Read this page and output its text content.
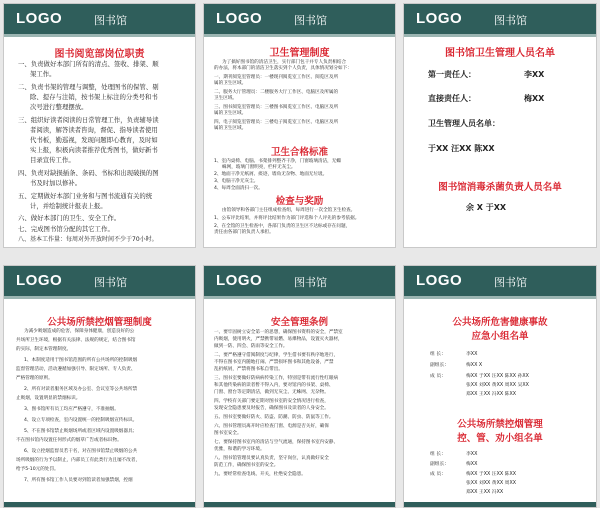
LOGO	图书馆
图书阅览部岗位职责
一、负责做好本部门所有的清点、签收、排架、顺
架工作。
二、负责书架的管理与调整，处理图书的保管、剔
除、提存与注销，按书架上标注的分类号和书
次号进行整理摆放。
三、组织好读者阅读的日常管理工作，负责辅导读
者阅读，解答读者咨询，督促、指导读者使用
代书板，勤巡视，发现问题即心教育，及时如
实上报，积极向读者推荐优秀图书，做好新书
目录宣传工作。
四、负责对缺损插条、条码、书标和出现破损的图
书及时加以修补。
五、定期做好本部门业务和与图书流通有关的统
计，并绘制统计报表上报。
六、做好本部门的卫生、安全工作。
七、完成图书馆分配的其它工作。
八、基本工作量：每周对外开放时间不少于70小时。
LOGO	图书馆
卫生管理制度
为了搞好图书馆的清洁卫生，实行部门包干并专人负责相结合
的办法，将本部门的清洁卫生落实到个人负责，具体情况划分如下：
一、期刊阅览室管理员：一楼现刊阅览室工作区、阅览区及所
属的卫生区域。
二、服务大厅管理员：二楼服务大厅工作区、电脑区及所属的
卫生区域。
三、图书阅览室管理员：三楼图书阅览室工作区、电脑区及所
属的卫生区域。
四、电子阅览室管理员：三楼电子阅览室工作区、电脑区及所
属的卫生区域。
卫生合格标准
1、室内桌椅、电脑、书架排列整齐干净，门窗玻璃清洁，无蜘
蛛网，玻璃门窗明亮，栏杆无灰尘。
2、地面干净无纸屑、痰迹，墙角无杂物、地面无垃圾。
3、电脑干净无灰尘。
4、每周全面清扫一次。
检查与奖励
由馆领导和各部门主任组成检查组，每周进行一次全馆卫生检查。
1、公布评比结果，并将评比结果作为部门评选和个人评先的参考依据。
2、在全馆的卫生检查中，各部门负责的卫生区不达标或存在问题，
责任由各部门的负责人承担。
LOGO	图书馆
图书馆卫生管理人员名单
第一责任人：	李XX
直接责任人：	梅XX
卫生管理人员名单：
于XX 汪XX 陈XX
图书馆消毒杀菌负责人员名单
余 X 于XX
LOGO	图书馆
公共场所禁控烟管理制度
为减少吸烟造成的危害，保障身体健康，创造良好的公
共场所卫生环境，根据有关法律、法规的规定，结合图书馆
的实际，制定本管理制度。
1、本制度适用于图书馆范围的所有公共场所的控制吸烟
监督管理活动，活动遵循加强引导、限定场所、专人负责、
严格管理的原则。
2、所有对读者服务区域及办公室、会议室等公共场所禁
止吸烟，设置明显的禁烟标识。
3、图书馆所有员工均应严格遵守，不准抽烟。
4、设立专项检查，室内设置统一的控制吸烟宣传标识。
5、不在图书馆禁止吸烟场所或者区域内设置吸烟器具；
不在图书馆内设置任何形式的烟草广告或者标识物。
6、设立控烟监督员若干名，对在图书馆禁止吸烟的公共
场所吸烟的行为予以制止，内部员工有此类行为且屡不改者，
给予5-10元的处罚。
7、所有图书馆工作人员要对到馆读者加强禁烟，控烟
LOGO	图书馆
安全管理条例
一、要牢固树立安全第一的思想，确保图书资料的安全，严禁室
内吸烟，使用明火，严禁携带易燃、易爆物品，设置灭火器材，
做到一防、四会、防雨等安全工作。
二、要严格遵守借阅制度与纪律，学生借书要有秩序地进行，
不得在图书室内随地打闹、严禁损坏图书和其他设备，严禁
乱扔纸屑，严禁将图书私自带出。
三、图书室要做好防病病传染工作，特别是带有流行性红眼病
和其他传染病的读者暂不得入内，要对馆内的书架、桌椅、
门窗、窗台等定期清洁，做到无灰尘、无蛛网、无杂物。
四、学校有关部门要定期对图书室的安全情况进行检查，
发现安全隐患要及时报告，确保图书及读者的人身安全。
五、图书室要做好防火、防盗、防潮、防虫、防鼠等工作。
六、图书管理员离开时应检查门窗、电源是否关好，确保
图书室安全。
七、要保持图书室内的清洁与空气流通，保持图书室内安静、
优雅，和谐的学习环境。
八、图书馆管理员要认真负责，坚守岗位，认真做好安全
防范工作，确保图书室的安全。
九、要经常检查电线、开关，杜绝安全隐患。
LOGO	图书馆
公共场所危害健康事故
应急小组名单
组 长：	李XX
副组长：	梅XX X
成 员：	梅XX 于XX 汪XX 陈XX 孙XX
张XX 刘XX 黄XX 周XX 吴XX
郑XX 王XX 冯XX 陈XX
公共场所禁控烟管理
控、管、劝小组名单
组 长：	李XX
副组长：	梅XX
成 员：	梅XX 于XX 汪XX 陈XX
张XX 刘XX 黄XX 周XX
郑XX 王XX 冯XX
